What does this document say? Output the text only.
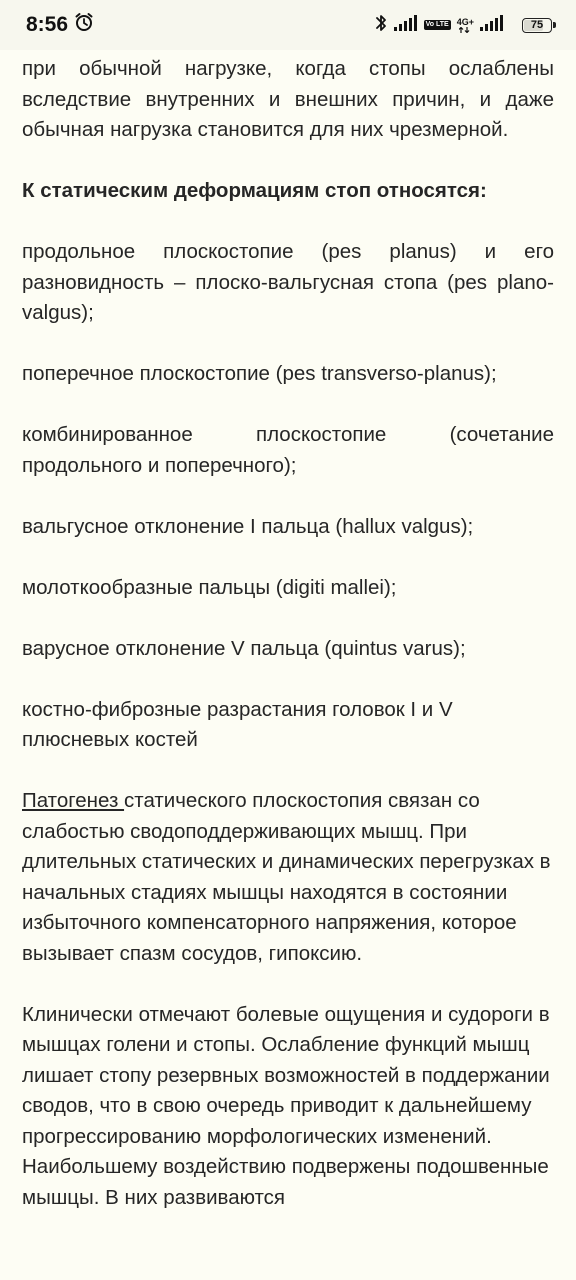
8:56	Vo LTE 4G+	75

при обычной нагрузке, когда стопы ослаблены вследствие внутренних и внешних причин, и даже обычная нагрузка становится для них чрезмерной.

К статическим деформациям стоп относятся:

продольное плоскостопие (pes planus) и его разновидность – плоско-вальгусная стопа (pes plano-valgus);

поперечное плоскостопие (pes transverso-planus);

комбинированное плоскостопие (сочетание продольного и поперечного);

вальгусное отклонение I пальца (hallux valgus);

молоткообразные пальцы (digiti mallei);

варусное отклонение V пальца (quintus varus);

костно-фиброзные разрастания головок I и V плюсневых костей

Патогенез статического плоскостопия связан со слабостью сводоподдерживающих мышц. При длительных статических и динамических перегрузках в начальных стадиях мышцы находятся в состоянии избыточного компенсаторного напряжения, которое вызывает спазм сосудов, гипоксию.

Клинически отмечают болевые ощущения и судороги в мышцах голени и стопы. Ослабление функций мышц лишает стопу резервных возможностей в поддержании сводов, что в свою очередь приводит к дальнейшему прогрессированию морфологических изменений. Наибольшему воздействию подвержены подошвенные мышцы. В них развиваются
